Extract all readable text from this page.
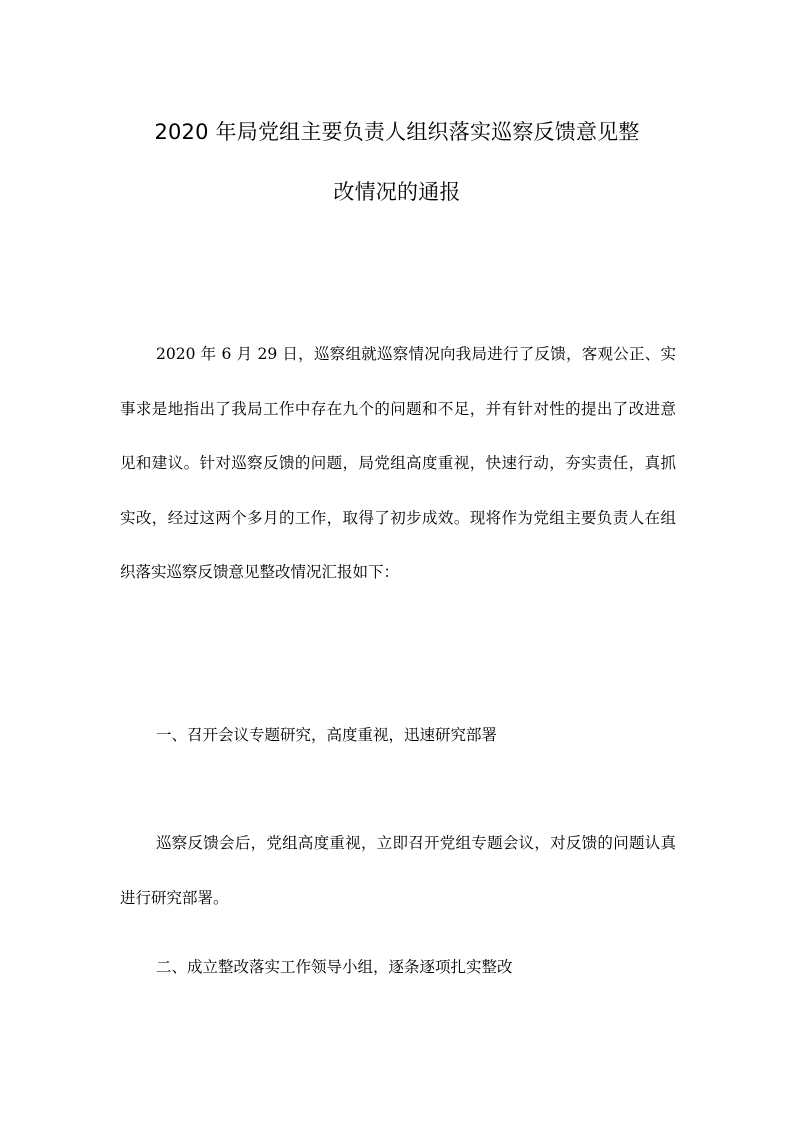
2020 年局党组主要负责人组织落实巡察反馈意见整
改情况的通报

2020 年 6 月 29 日，巡察组就巡察情况向我局进行了反馈，客观公正、实事求是地指出了我局工作中存在九个的问题和不足，并有针对性的提出了改进意见和建议。针对巡察反馈的问题，局党组高度重视，快速行动，夯实责任，真抓实改，经过这两个多月的工作，取得了初步成效。现将作为党组主要负责人在组织落实巡察反馈意见整改情况汇报如下：

一、召开会议专题研究，高度重视，迅速研究部署

巡察反馈会后，党组高度重视，立即召开党组专题会议，对反馈的问题认真进行研究部署。

二、成立整改落实工作领导小组，逐条逐项扎实整改
